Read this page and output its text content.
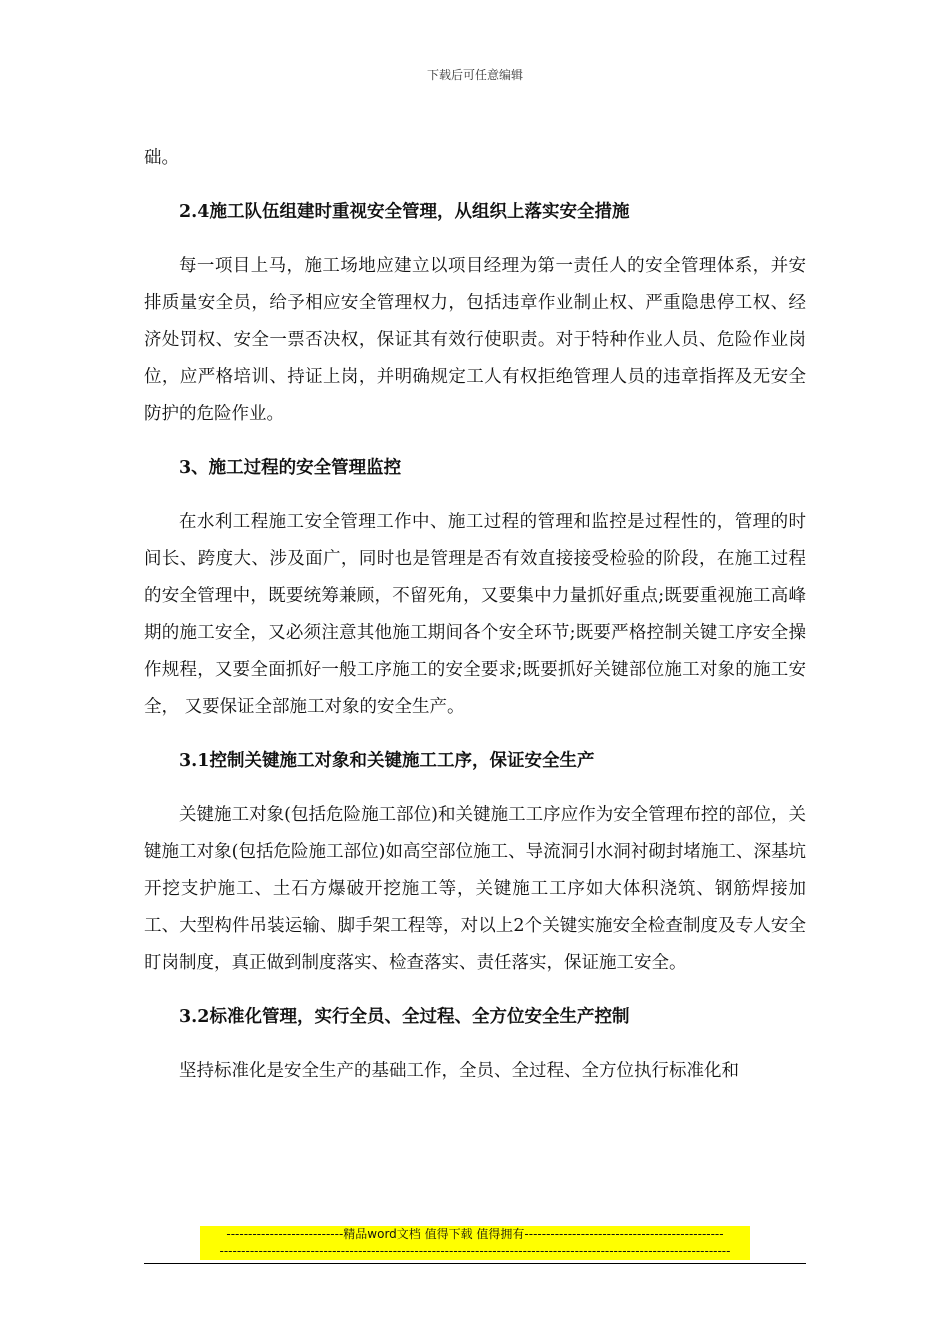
下载后可任意编辑

础。

2.4施工队伍组建时重视安全管理，从组织上落实安全措施

每一项目上马，施工场地应建立以项目经理为第一责任人的安全管理体系，并安排质量安全员，给予相应安全管理权力，包括违章作业制止权、严重隐患停工权、经济处罚权、安全一票否决权，保证其有效行使职责。对于特种作业人员、危险作业岗位，应严格培训、持证上岗，并明确规定工人有权拒绝管理人员的违章指挥及无安全防护的危险作业。

3、施工过程的安全管理监控

在水利工程施工安全管理工作中、施工过程的管理和监控是过程性的，管理的时间长、跨度大、涉及面广，同时也是管理是否有效直接接受检验的阶段，在施工过程的安全管理中，既要统筹兼顾，不留死角，又要集中力量抓好重点;既要重视施工高峰期的施工安全，又必须注意其他施工期间各个安全环节;既要严格控制关键工序安全操作规程，又要全面抓好一般工序施工的安全要求;既要抓好关键部位施工对象的施工安全， 又要保证全部施工对象的安全生产。

3.1控制关键施工对象和关键施工工序，保证安全生产

关键施工对象(包括危险施工部位)和关键施工工序应作为安全管理布控的部位，关键施工对象(包括危险施工部位)如高空部位施工、导流洞引水洞衬砌封堵施工、深基坑开挖支护施工、土石方爆破开挖施工等，关键施工工序如大体积浇筑、钢筋焊接加工、大型构件吊装运输、脚手架工程等，对以上2个关键实施安全检查制度及专人安全盯岗制度，真正做到制度落实、检查落实、责任落实，保证施工安全。

3.2标准化管理，实行全员、全过程、全方位安全生产控制

坚持标准化是安全生产的基础工作，全员、全过程、全方位执行标准化和

---------------------------精品word文档 值得下载 值得拥有----------------------------------------------
----------------------------------------------------------------------------------------------------------------------
